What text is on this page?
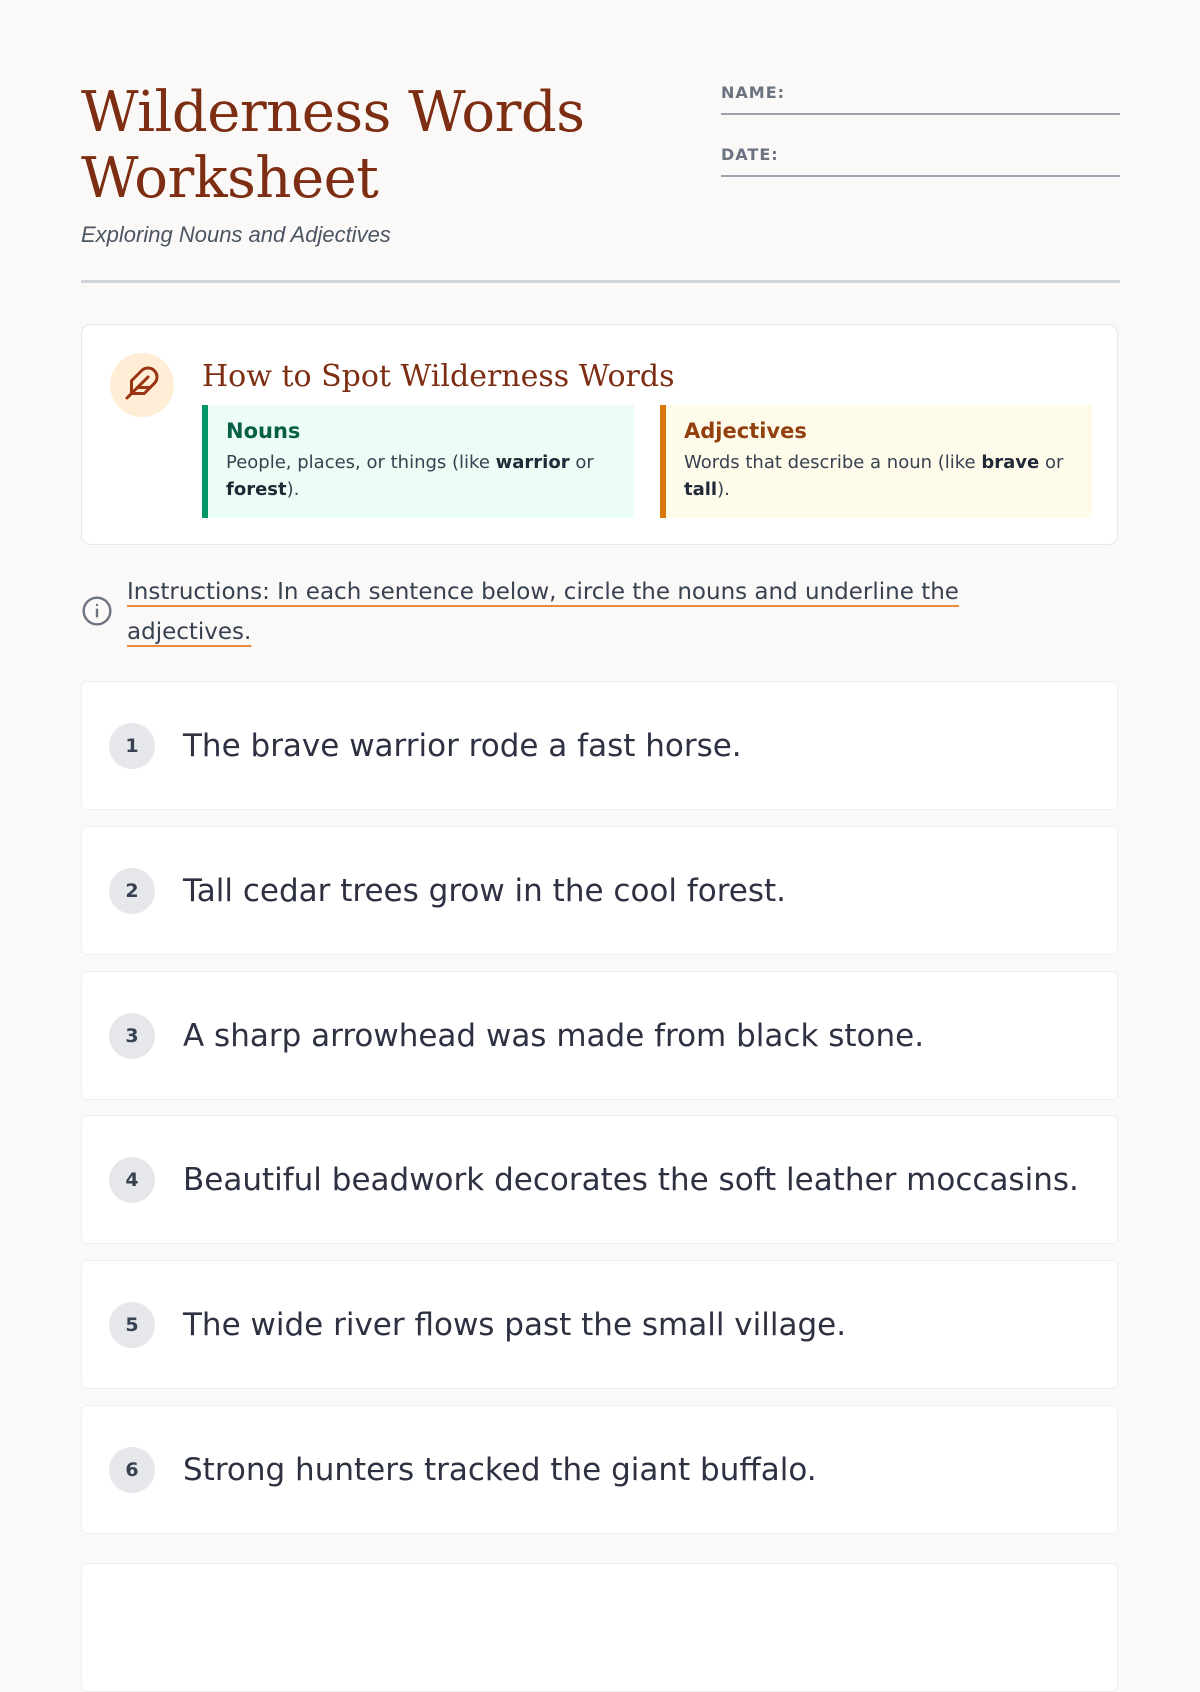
Wilderness Words Worksheet
Exploring Nouns and Adjectives
NAME:
DATE:
How to Spot Wilderness Words
Nouns
People, places, or things (like warrior or forest).
Adjectives
Words that describe a noun (like brave or tall).
Instructions: In each sentence below, circle the nouns and underline the adjectives.
1	The brave warrior rode a fast horse.
2	Tall cedar trees grow in the cool forest.
3	A sharp arrowhead was made from black stone.
4	Beautiful beadwork decorates the soft leather moccasins.
5	The wide river flows past the small village.
6	Strong hunters tracked the giant buffalo.
